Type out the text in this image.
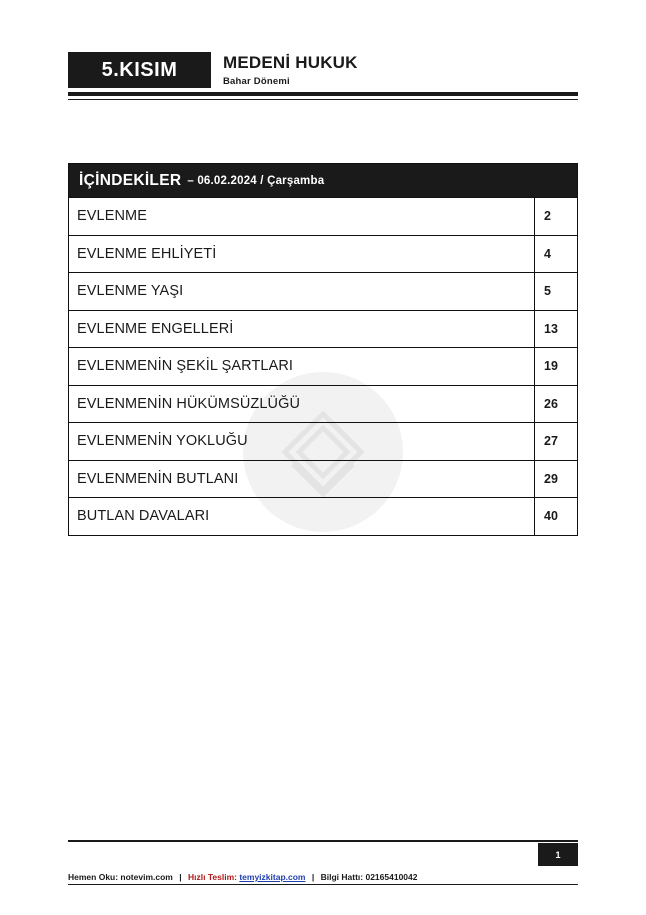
5.KISIM	MEDENİ HUKUK
Bahar Dönemi
İÇİNDEKİLER – 06.02.2024 / Çarşamba
EVLENME	2
EVLENME EHLİYETİ	4
EVLENME YAŞI	5
EVLENME ENGELLERİ	13
EVLENMENİN ŞEKİL ŞARTLARI	19
EVLENMENİN HÜKÜMSÜZLÜĞÜ	26
EVLENMENİN YOKLUĞU	27
EVLENMENİN BUTLANI	29
BUTLAN DAVALARI	40
1
Hemen Oku: notevim.com | Hızlı Teslim: temyizkitap.com | Bilgi Hattı: 02165410042
